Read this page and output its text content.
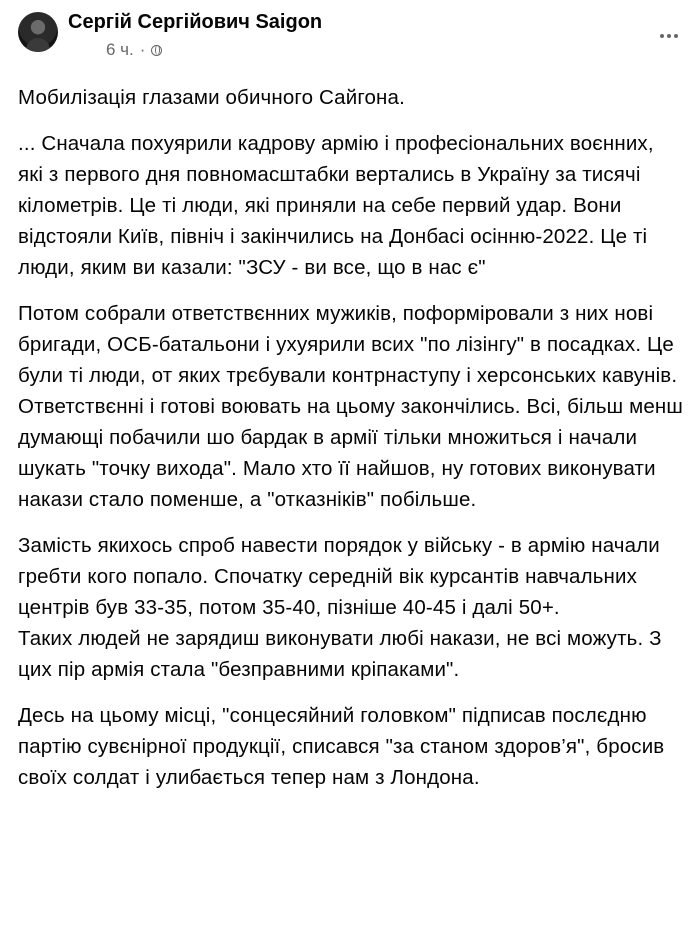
Сергій Сергійович Saigon
6 ч. ·

Мобилізація глазами обичного Сайгона.

... Сначала похуярили кадрову армію і професіональних воєнних, які з первого дня повномасштабки вертались в Україну за тисячі кілометрів. Це ті люди, які приняли на себе первий удар. Вони відстояли Київ, північ і закінчились на Донбасі осінню-2022. Це ті люди, яким ви казали: "ЗСУ - ви все, що в нас є"

Потом собрали ответствєнних мужиків, поформіровали з них нові бригади, ОСБ-батальони і ухуярили всих "по лізінгу" в посадках. Це були ті люди, от яких трєбували контрнаступу і херсонських кавунів. Ответствєнні і готові воювать на цьому закончілись. Всі, більш менш думающі побачили шо бардак в армії тільки множиться і начали шукать "точку вихода". Мало хто її найшов, ну готових виконувати накази стало поменше, а "отказніків" побільше.

Замість якихось спроб навести порядок у війську - в армію начали гребти кого попало. Спочатку середній вік курсантів навчальних центрів був 33-35, потом 35-40, пізніше 40-45 і далі 50+.
Таких людей не зарядиш виконувати любі накази, не всі можуть. З цих пір армія стала "безправними кріпаками".

Десь на цьому місці, "сонцесяйний головком" підписав послєдню партію сувєнірної продукції, списався "за станом здоров’я", бросив своїх солдат і улибається тепер нам з Лондона.
